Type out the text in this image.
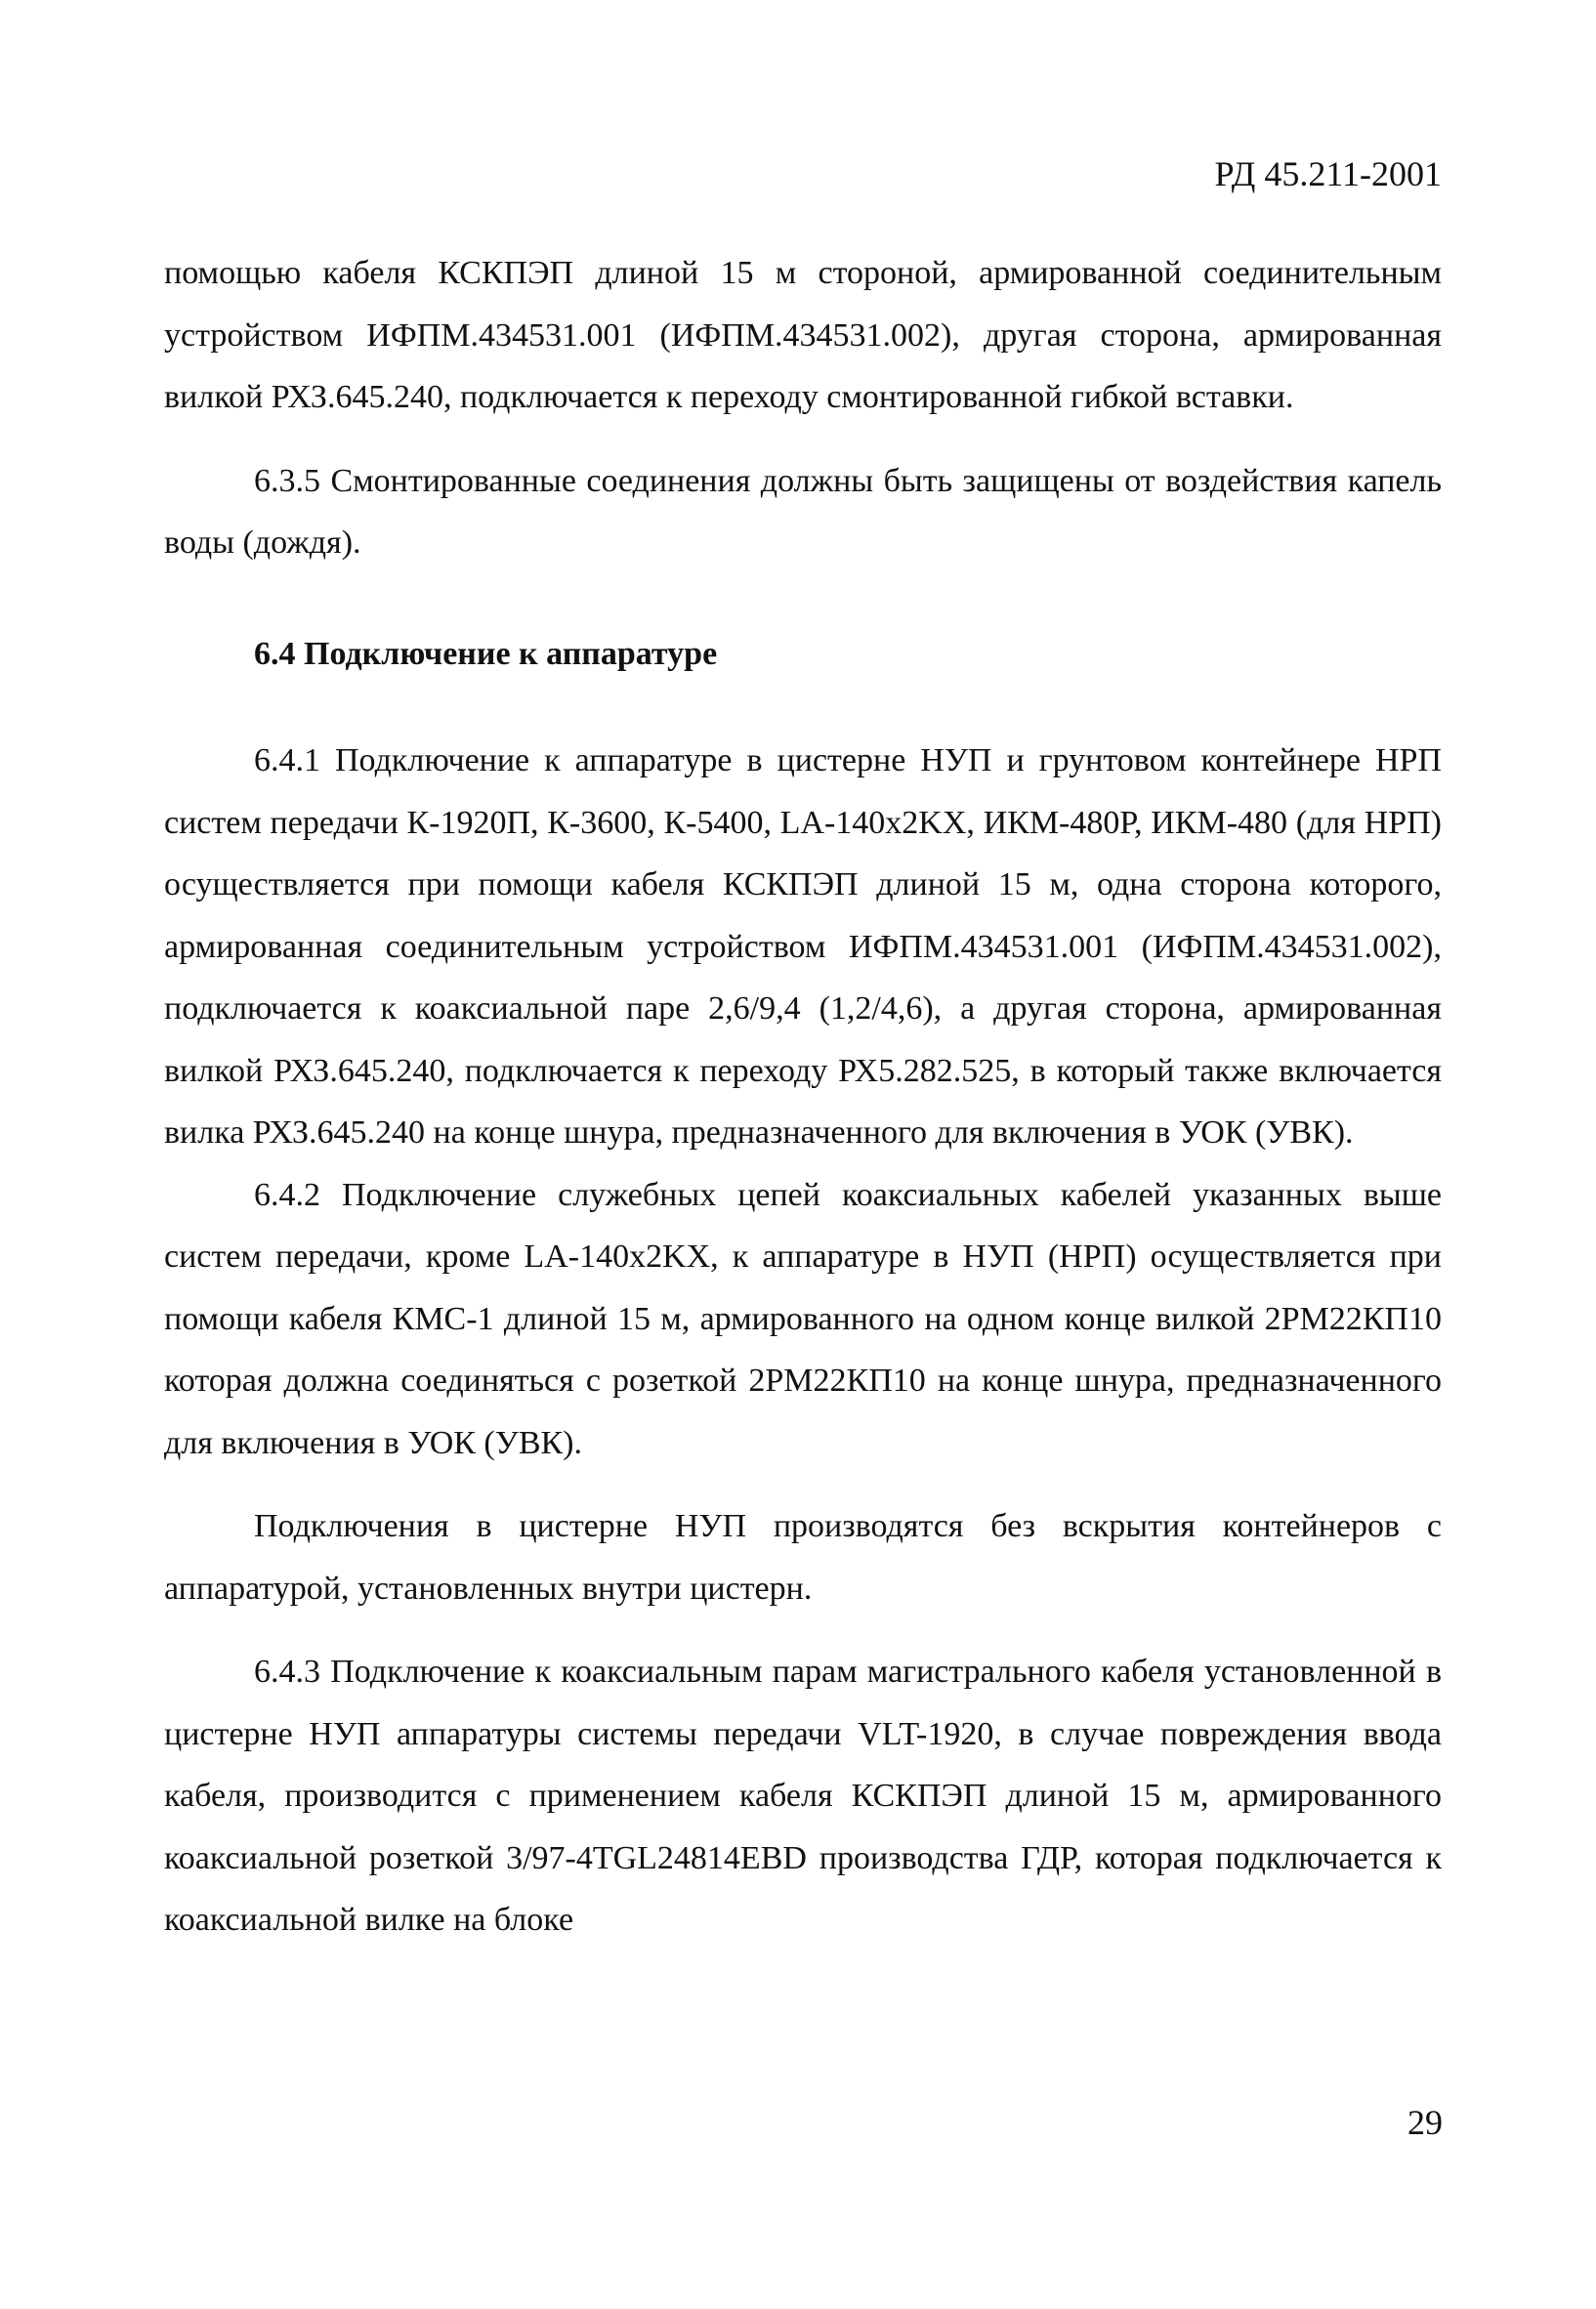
РД 45.211-2001

помощью кабеля КСКПЭП длиной 15 м стороной, армированной соединительным устройством ИФПМ.434531.001 (ИФПМ.434531.002), другая сторона, армированная вилкой РХЗ.645.240, подключается к переходу смонтированной гибкой вставки.

6.3.5 Смонтированные соединения должны быть защищены от воздействия капель воды (дождя).

6.4 Подключение к аппаратуре

6.4.1 Подключение к аппаратуре в цистерне НУП и грунтовом контейнере НРП систем передачи К-1920П, К-3600, К-5400, LA-140x2KX, ИКМ-480Р, ИКМ-480 (для НРП) осуществляется при помощи кабеля КСКПЭП длиной 15 м, одна сторона которого, армированная соединительным устройством ИФПМ.434531.001 (ИФПМ.434531.002), подключается к коаксиальной паре 2,6/9,4 (1,2/4,6), а другая сторона, армированная вилкой РХЗ.645.240, подключается к переходу РХ5.282.525, в который также включается вилка РХЗ.645.240 на конце шнура, предназначенного для включения в УОК (УВК).

6.4.2 Подключение служебных цепей коаксиальных кабелей указанных выше систем передачи, кроме LA-140x2KX, к аппаратуре в НУП (НРП) осуществляется при помощи кабеля КМС-1 длиной 15 м, армированного на одном конце вилкой 2РМ22КП10 которая должна соединяться с розеткой 2РМ22КП10 на конце шнура, предназначенного для включения в УОК (УВК).

Подключения в цистерне НУП производятся без вскрытия контейнеров с аппаратурой, установленных внутри цистерн.

6.4.3 Подключение к коаксиальным парам магистрального кабеля установленной в цистерне НУП аппаратуры системы передачи VLT-1920, в случае повреждения ввода кабеля, производится с применением кабеля КСКПЭП длиной 15 м, армированного коаксиальной розеткой 3/97-4TGL24814EBD производства ГДР, которая подключается к коаксиальной вилке на блоке

29
